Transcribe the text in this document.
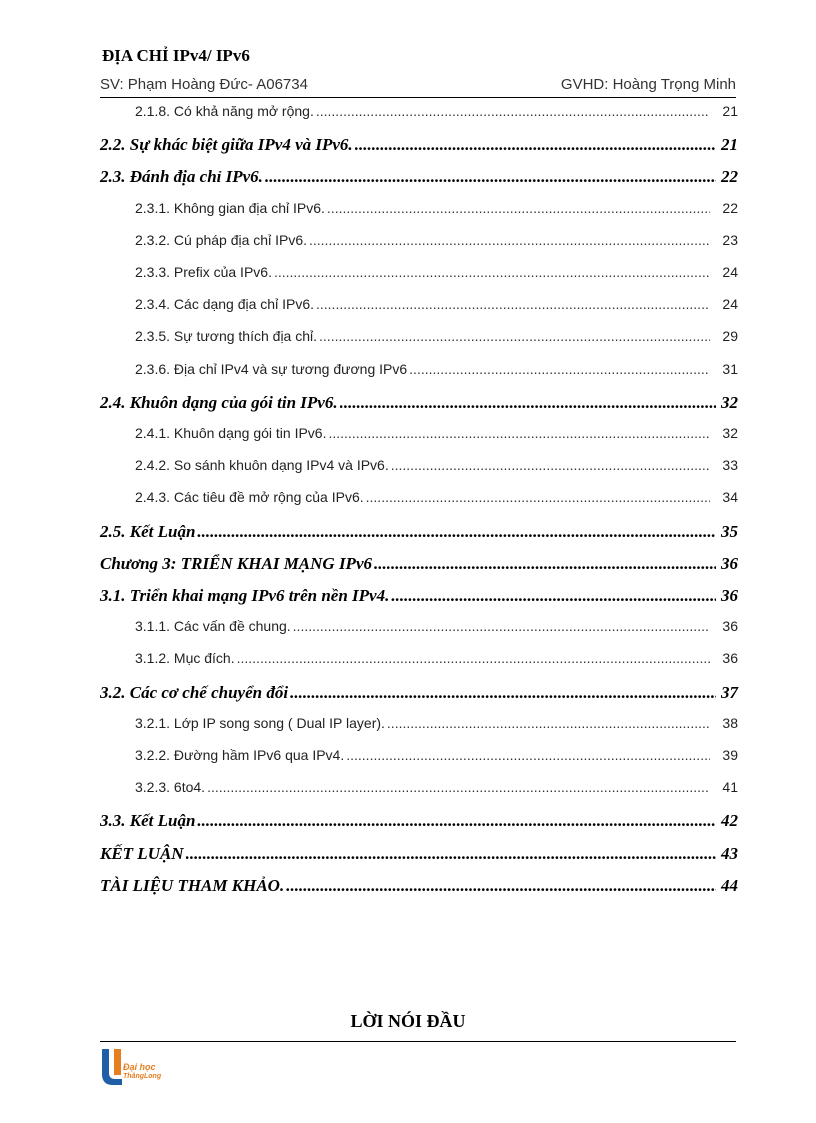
ĐỊA CHỈ IPv4/ IPv6
SV: Phạm Hoàng Đức- A06734	GVHD: Hoàng Trọng Minh
2.1.8. Có khả năng mở rộng. .....	21
2.2. Sự khác biệt giữa IPv4 và IPv6. .....	21
2.3. Đánh địa chỉ IPv6. .....	22
2.3.1. Không gian địa chỉ IPv6. .....	22
2.3.2. Cú pháp địa chỉ IPv6. .....	23
2.3.3. Prefix của IPv6. .....	24
2.3.4. Các dạng địa chỉ IPv6. .....	24
2.3.5. Sự tương thích địa chỉ. .....	29
2.3.6. Địa chỉ IPv4 và sự tương đương IPv6 .....	31
2.4. Khuôn dạng của gói tin IPv6. .....	32
2.4.1. Khuôn dạng gói tin IPv6. .....	32
2.4.2. So sánh khuôn dạng IPv4 và IPv6. .....	33
2.4.3. Các tiêu đề mở rộng của IPv6. .....	34
2.5. Kết Luận .....	35
Chương 3: TRIỂN KHAI MẠNG IPv6 .....	36
3.1. Triển khai mạng IPv6 trên nền IPv4. .....	36
3.1.1. Các vấn đề chung. .....	36
3.1.2. Mục đích. .....	36
3.2. Các cơ chế chuyển đổi .....	37
3.2.1. Lớp IP song song ( Dual IP layer). .....	38
3.2.2. Đường hầm IPv6 qua IPv4. .....	39
3.2.3. 6to4. .....	41
3.3. Kết Luận .....	42
KẾT LUẬN .....	43
TÀI LIỆU THAM KHẢO. .....	44
LỜI NÓI ĐẦU
Đại học
ThăngLong
